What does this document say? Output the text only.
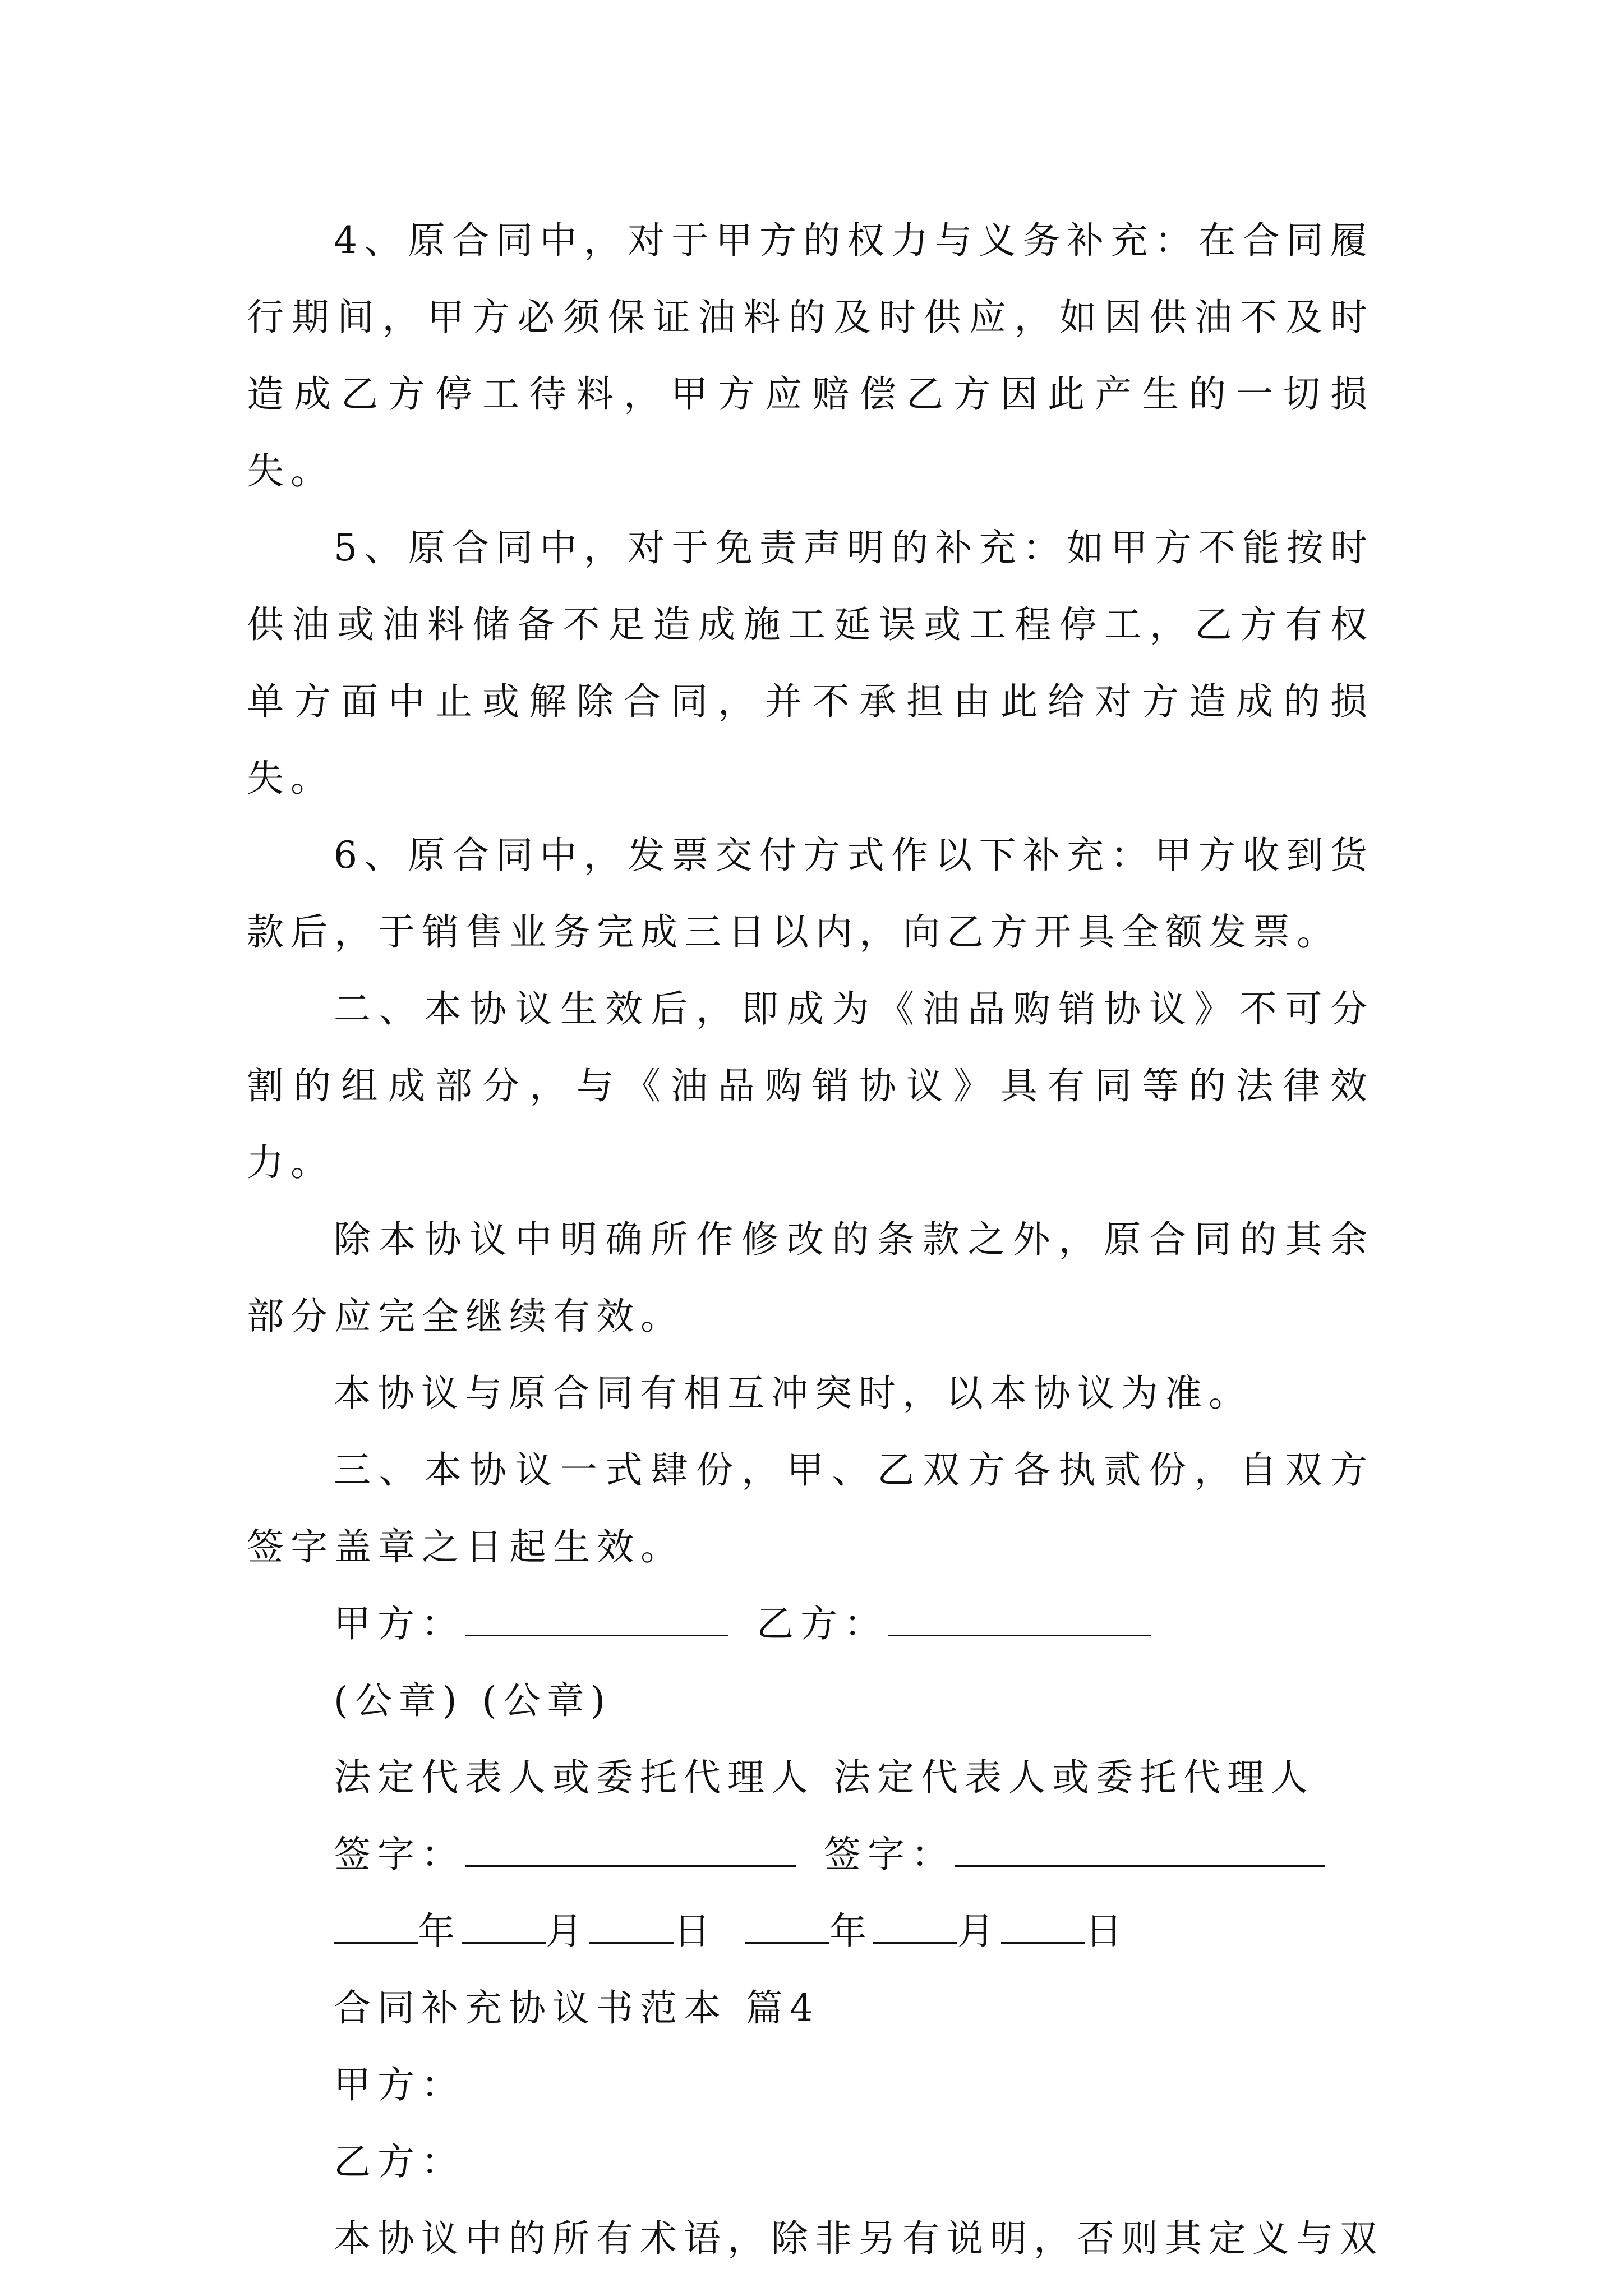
4、原合同中，对于甲方的权力与义务补充：在合同履行期间，甲方必须保证油料的及时供应，如因供油不及时造成乙方停工待料，甲方应赔偿乙方因此产生的一切损失。

5、原合同中，对于免责声明的补充：如甲方不能按时供油或油料储备不足造成施工延误或工程停工，乙方有权单方面中止或解除合同，并不承担由此给对方造成的损失。

6、原合同中，发票交付方式作以下补充：甲方收到货款后，于销售业务完成三日以内，向乙方开具全额发票。

二、本协议生效后，即成为《油品购销协议》不可分割的组成部分，与《油品购销协议》具有同等的法律效力。

除本协议中明确所作修改的条款之外，原合同的其余部分应完全继续有效。

本协议与原合同有相互冲突时，以本协议为准。

三、本协议一式肆份，甲、乙双方各执贰份，自双方签字盖章之日起生效。

甲方：	乙方：
(公章) (公章)
法定代表人或委托代理人 法定代表人或委托代理人
签字：	签字：
年 月 日	年 月 日
合同补充协议书范本 篇4
甲方：
乙方：
本协议中的所有术语，除非另有说明，否则其定义与双
